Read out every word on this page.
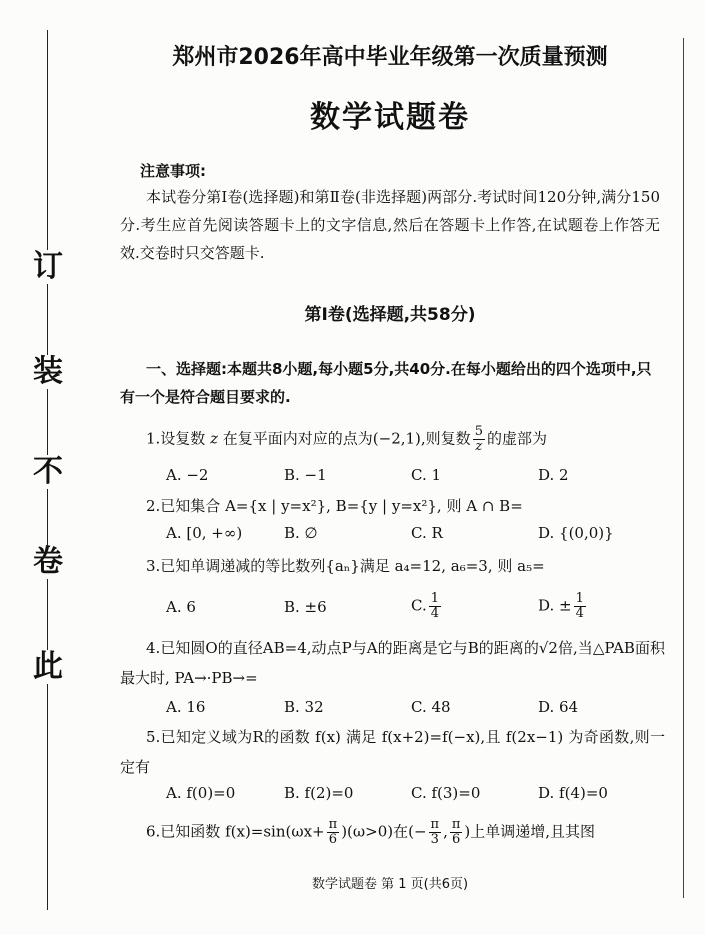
订
装
不
卷
此
郑州市2026年高中毕业年级第一次质量预测
数学试题卷
注意事项:
本试卷分第Ⅰ卷(选择题)和第Ⅱ卷(非选择题)两部分.考试时间120分钟,满分150分.考生应首先阅读答题卡上的文字信息,然后在答题卡上作答,在试题卷上作答无效.交卷时只交答题卡.
第Ⅰ卷(选择题,共58分)
一、选择题:本题共8小题,每小题5分,共40分.在每小题给出的四个选项中,只有一个是符合题目要求的.
1.设复数 z 在复平面内对应的点为(−2,1),则复数 $\frac{5}{z}$ 的虚部为
A. −2	B. −1	C. 1	D. 2
2.已知集合 A={x | y=x²}, B={y | y=x²}, 则 A ∩ B=
A. [0, +∞)	B. ∅	C. R	D. {(0,0)}
3.已知单调递减的等比数列{aₙ}满足 a₄=12, a₆=3, 则 a₅=
A. 6	B. ±6	C. $\frac{1}{4}$	D. ± $\frac{1}{4}$
4.已知圆O的直径AB=4,动点P与A的距离是它与B的距离的√2倍,当△PAB面积最大时, PA→·PB→=
A. 16	B. 32	C. 48	D. 64
5.已知定义域为R的函数 f(x) 满足 f(x+2)=f(−x),且 f(2x−1) 为奇函数,则一定有
A. f(0)=0	B. f(2)=0	C. f(3)=0	D. f(4)=0
6.已知函数 $f(x)=\sin(\omega x+ \frac{\pi}{6} )(\omega>0)$在(− $\frac{\pi}{3}$ , $\frac{\pi}{6}$ )上单调递增,且其图
数学试题卷 第 1 页(共6页)
